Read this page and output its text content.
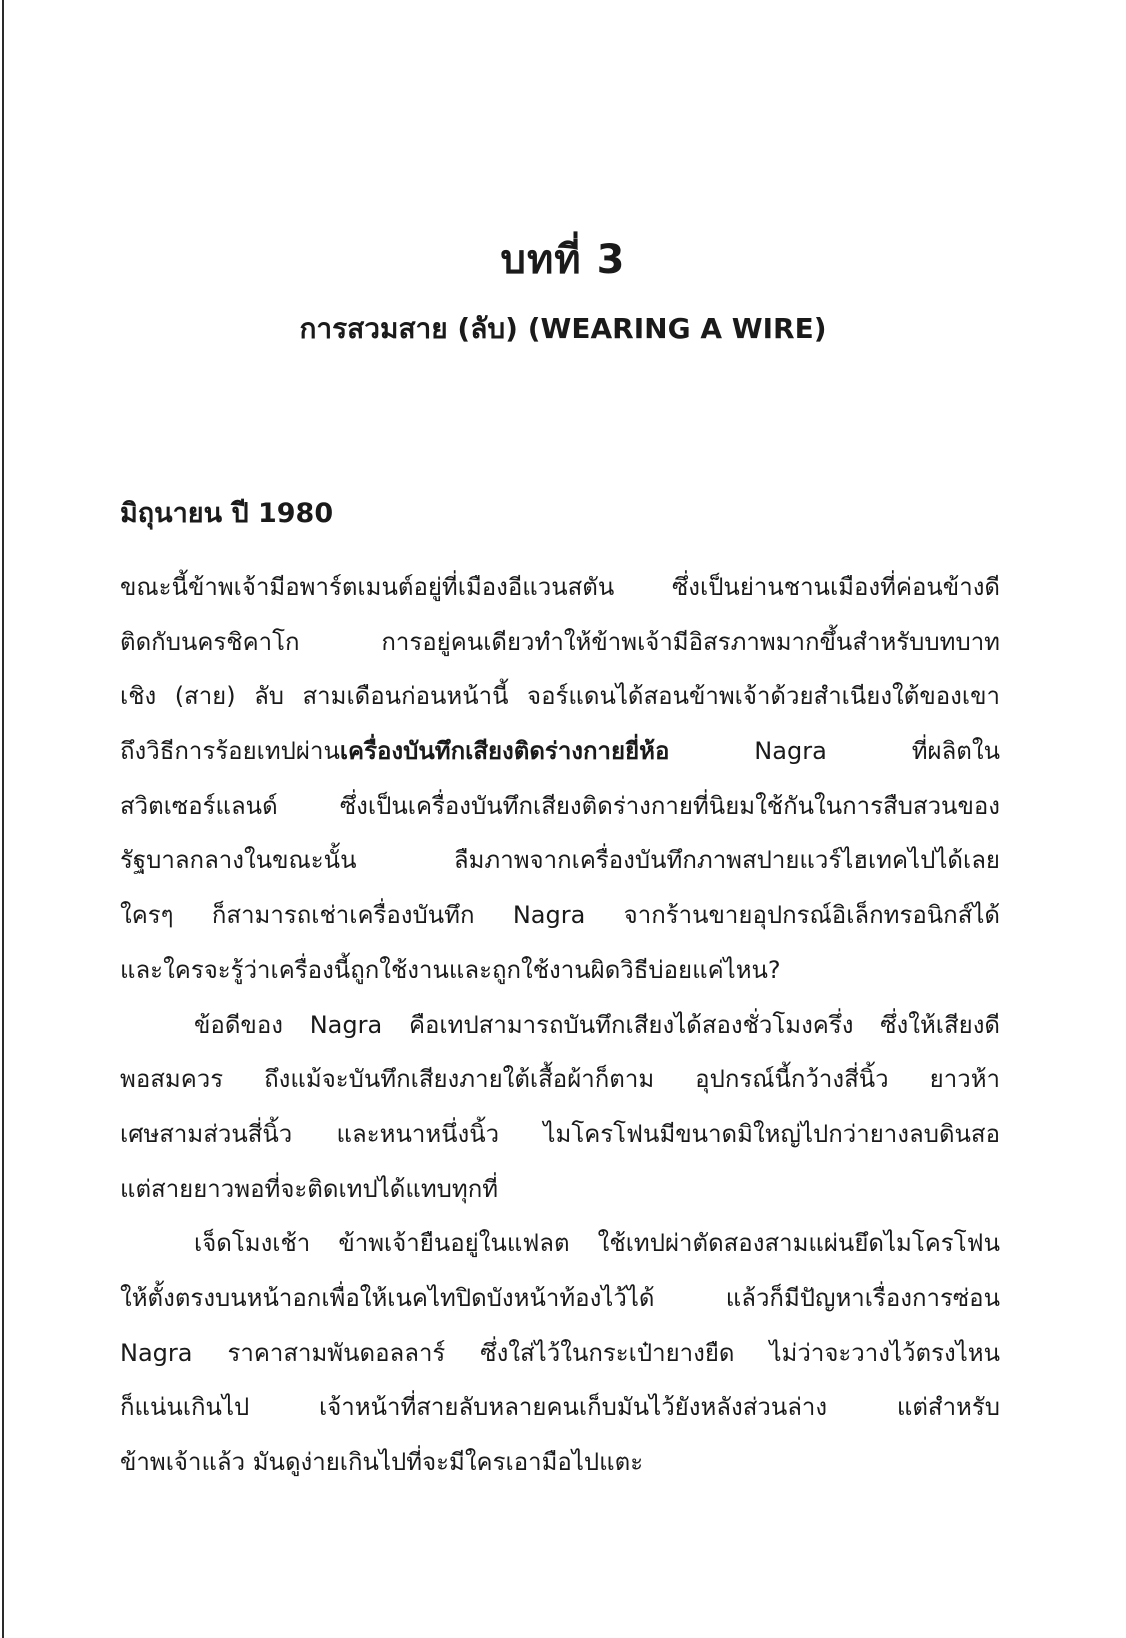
บทที่ 3
การสวมสาย (ลับ) (WEARING A WIRE)
มิถุนายน ปี 1980
ขณะนี้ข้าพเจ้ามีอพาร์ตเมนต์อยู่ที่เมืองอีแวนสตัน ซึ่งเป็นย่านชานเมืองที่ค่อนข้างดี
ติดกับนครชิคาโก การอยู่คนเดียวทำให้ข้าพเจ้ามีอิสรภาพมากขึ้นสำหรับบทบาท
เชิง (สาย) ลับ สามเดือนก่อนหน้านี้ จอร์แดนได้สอนข้าพเจ้าด้วยสำเนียงใต้ของเขา
ถึงวิธีการร้อยเทปผ่านเครื่องบันทึกเสียงติดร่างกายยี่ห้อ Nagra ที่ผลิตใน
สวิตเซอร์แลนด์ ซึ่งเป็นเครื่องบันทึกเสียงติดร่างกายที่นิยมใช้กันในการสืบสวนของ
รัฐบาลกลางในขณะนั้น ลืมภาพจากเครื่องบันทึกภาพสปายแวร์ไฮเทคไปได้เลย
ใครๆ ก็สามารถเช่าเครื่องบันทึก Nagra จากร้านขายอุปกรณ์อิเล็กทรอนิกส์ได้
และใครจะรู้ว่าเครื่องนี้ถูกใช้งานและถูกใช้งานผิดวิธีบ่อยแค่ไหน?
ข้อดีของ Nagra คือเทปสามารถบันทึกเสียงได้สองชั่วโมงครึ่ง ซึ่งให้เสียงดี
พอสมควร ถึงแม้จะบันทึกเสียงภายใต้เสื้อผ้าก็ตาม อุปกรณ์นี้กว้างสี่นิ้ว ยาวห้า
เศษสามส่วนสี่นิ้ว และหนาหนึ่งนิ้ว ไมโครโฟนมีขนาดมิใหญ่ไปกว่ายางลบดินสอ
แต่สายยาวพอที่จะติดเทปได้แทบทุกที่
เจ็ดโมงเช้า ข้าพเจ้ายืนอยู่ในแฟลต ใช้เทปผ่าตัดสองสามแผ่นยึดไมโครโฟน
ให้ตั้งตรงบนหน้าอกเพื่อให้เนคไทปิดบังหน้าท้องไว้ได้ แล้วก็มีปัญหาเรื่องการซ่อน
Nagra ราคาสามพันดอลลาร์ ซึ่งใส่ไว้ในกระเป๋ายางยืด ไม่ว่าจะวางไว้ตรงไหน
ก็แน่นเกินไป เจ้าหน้าที่สายลับหลายคนเก็บมันไว้ยังหลังส่วนล่าง แต่สำหรับ
ข้าพเจ้าแล้ว มันดูง่ายเกินไปที่จะมีใครเอามือไปแตะ
